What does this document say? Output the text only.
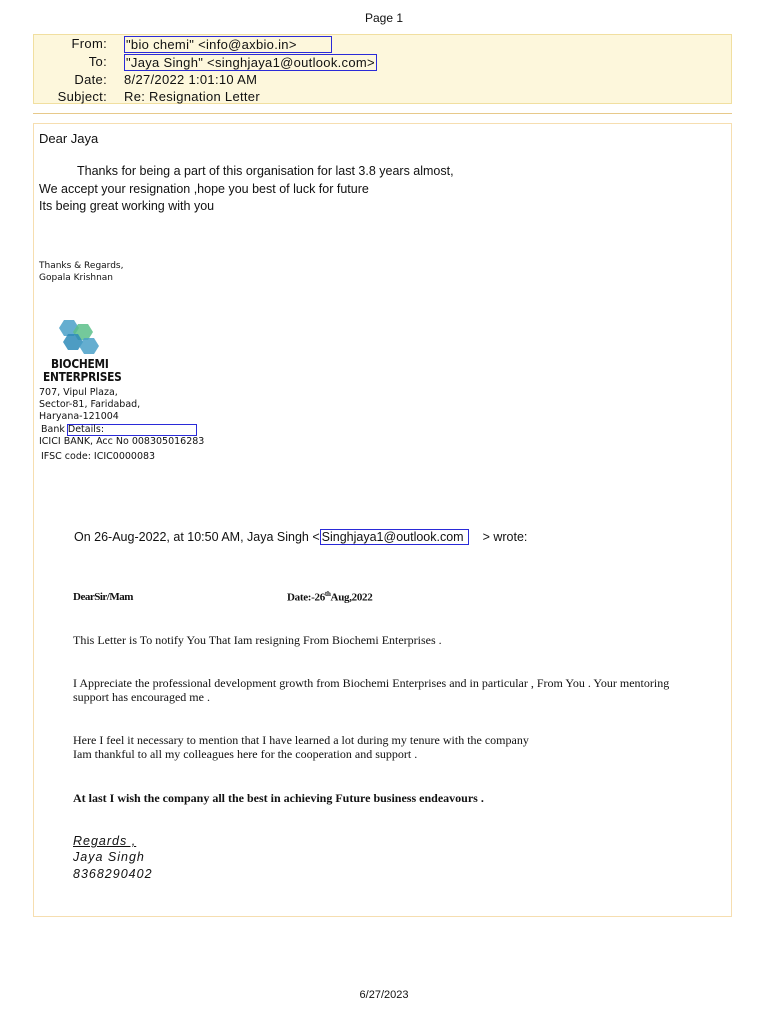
Page 1
From: "bio chemi" <info@axbio.in>
To: "Jaya Singh" <singhjaya1@outlook.com>
Date: 8/27/2022 1:01:10 AM
Subject: Re: Resignation Letter
Dear Jaya
Thanks for being a part of this organisation for last 3.8 years almost,
We accept your resignation ,hope you best of luck for future
Its being great working with you
Thanks & Regards,
Gopala Krishnan
BIOCHEMI
ENTERPRISES
707, Vipul Plaza,
Sector-81, Faridabad,
Haryana-121004
Bank Details:
ICICI BANK, Acc No 008305016283
IFSC code: ICIC0000083
On 26-Aug-2022, at 10:50 AM, Jaya Singh < Singhjaya1@outlook.com > wrote:
DearSir/Mam	Date:-26thAug,2022
This Letter is To notify You That Iam resigning From Biochemi Enterprises .
I Appreciate the professional development growth from Biochemi Enterprises and in particular , From You . Your mentoring
support has encouraged me .
Here I feel it necessary to mention that I have learned a lot during my tenure with the company
Iam thankful to all my colleagues here for the cooperation and support .
At last I wish the company all the best in achieving Future business endeavours .
Regards ,
Jaya Singh
8368290402
6/27/2023
